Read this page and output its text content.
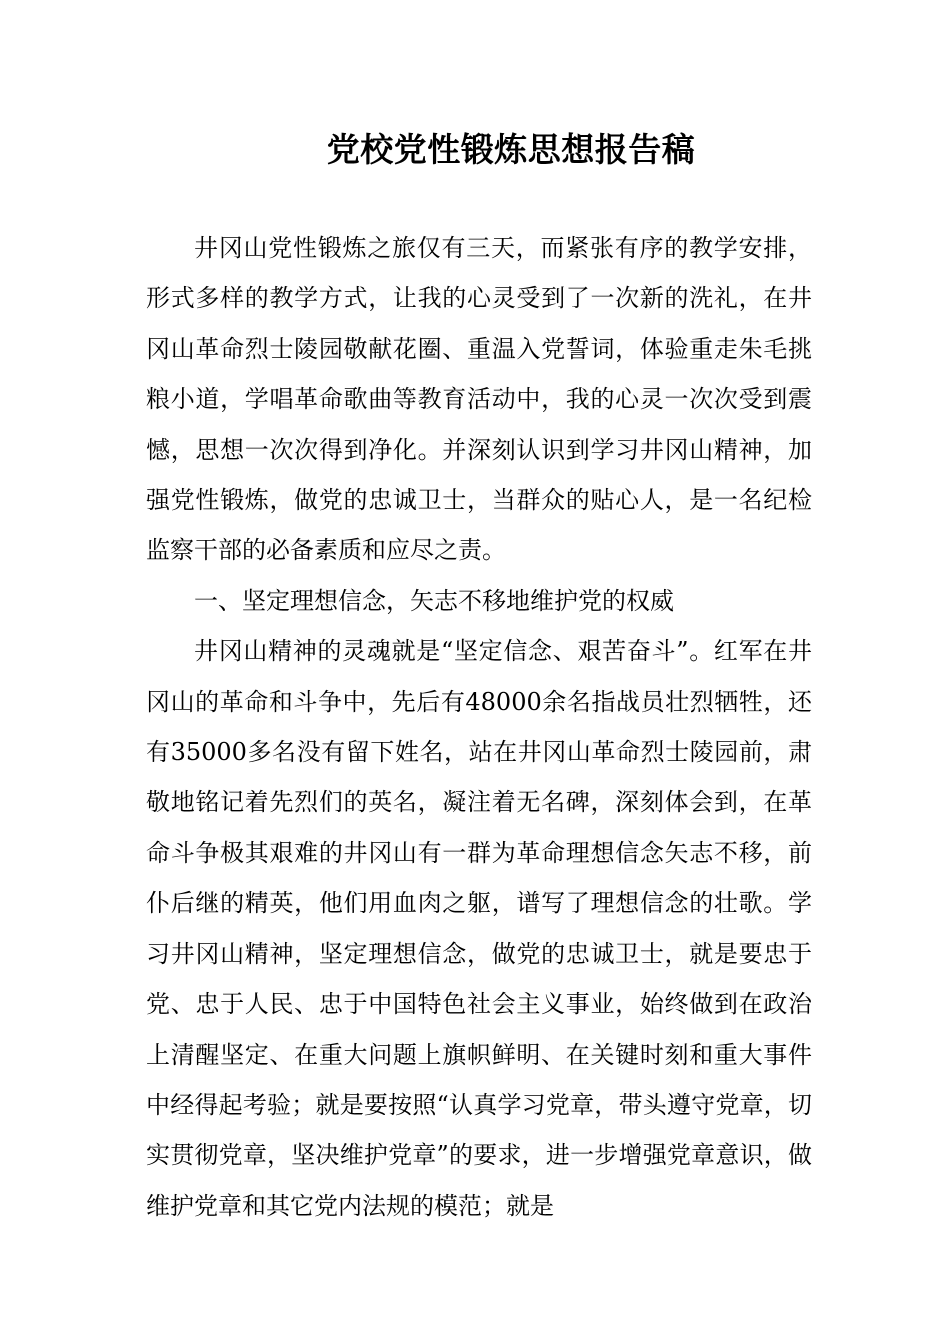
党校党性锻炼思想报告稿

井冈山党性锻炼之旅仅有三天，而紧张有序的教学安排，形式多样的教学方式，让我的心灵受到了一次新的洗礼，在井冈山革命烈士陵园敬献花圈、重温入党誓词，体验重走朱毛挑粮小道，学唱革命歌曲等教育活动中，我的心灵一次次受到震憾，思想一次次得到净化。并深刻认识到学习井冈山精神，加强党性锻炼，做党的忠诚卫士，当群众的贴心人，是一名纪检监察干部的必备素质和应尽之责。

一、坚定理想信念，矢志不移地维护党的权威

井冈山精神的灵魂就是“坚定信念、艰苦奋斗”。红军在井冈山的革命和斗争中，先后有48000余名指战员壮烈牺牲，还有35000多名没有留下姓名，站在井冈山革命烈士陵园前，肃敬地铭记着先烈们的英名，凝注着无名碑，深刻体会到，在革命斗争极其艰难的井冈山有一群为革命理想信念矢志不移，前仆后继的精英，他们用血肉之躯，谱写了理想信念的壮歌。学习井冈山精神，坚定理想信念，做党的忠诚卫士，就是要忠于党、忠于人民、忠于中国特色社会主义事业，始终做到在政治上清醒坚定、在重大问题上旗帜鲜明、在关键时刻和重大事件中经得起考验；就是要按照“认真学习党章，带头遵守党章，切实贯彻党章，坚决维护党章”的要求，进一步增强党章意识，做维护党章和其它党内法规的模范；就是
